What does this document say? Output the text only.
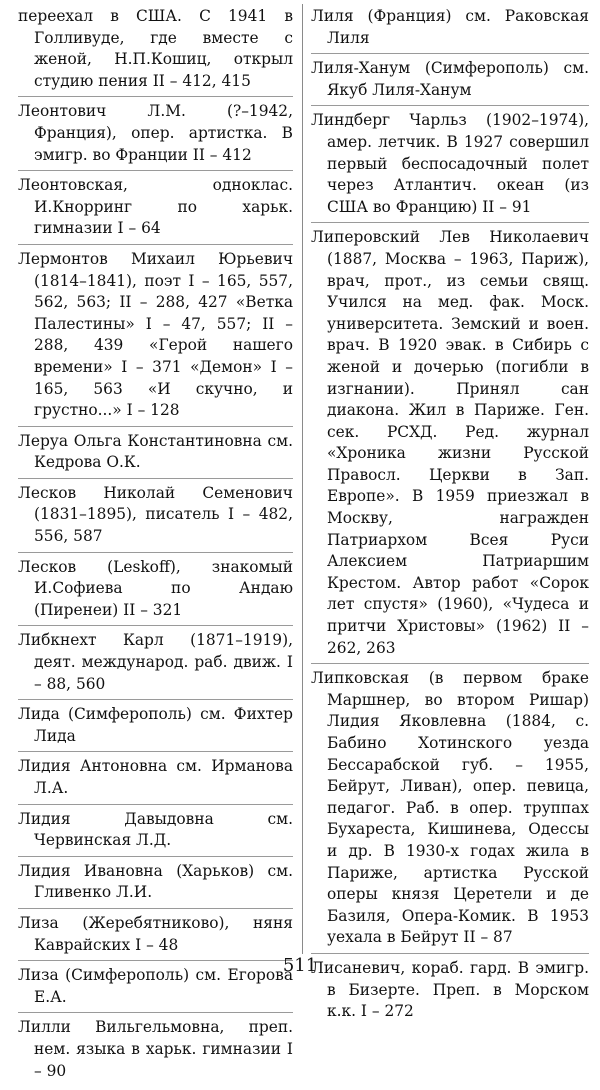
переехал в США. С 1941 в Голливуде, где вместе с женой, Н.П.Кошиц, открыл студию пения II – 412, 415

Леонтович Л.М. (?–1942, Франция), опер. артистка. В эмигр. во Франции II – 412

Леонтовская, одноклас. И.Кнорринг по харьк. гимназии I – 64

Лермонтов Михаил Юрьевич (1814–1841), поэт I – 165, 557, 562, 563; II – 288, 427 «Ветка Палестины» I – 47, 557; II – 288, 439 «Герой нашего времени» I – 371 «Демон» I – 165, 563 «И скучно, и грустно...» I – 128

Леруа Ольга Константиновна см. Кедрова О.К.

Лесков Николай Семенович (1831–1895), писатель I – 482, 556, 587

Лесков (Leskoff), знакомый И.Софиева по Андаю (Пиренеи) II – 321

Либкнехт Карл (1871–1919), деят. международ. раб. движ. I – 88, 560

Лида (Симферополь) см. Фихтер Лида

Лидия Антоновна см. Ирманова Л.А.

Лидия Давыдовна см. Червинская Л.Д.

Лидия Ивановна (Харьков) см. Гливенко Л.И.

Лиза (Жеребятниково), няня Каврайских I – 48

Лиза (Симферополь) см. Егорова Е.А.

Лилли Вильгельмовна, преп. нем. языка в харьк. гимназии I – 90

Лиля (Франция) см. Раковская Лиля

Лиля-Ханум (Симферополь) см. Якуб Лиля-Ханум

Линдберг Чарльз (1902–1974), амер. летчик. В 1927 совершил первый беспосадочный полет через Атлантич. океан (из США во Францию) II – 91

Липеровский Лев Николаевич (1887, Москва – 1963, Париж), врач, прот., из семьи свящ. Учился на мед. фак. Моск. университета. Земский и воен. врач. В 1920 эвак. в Сибирь с женой и дочерью (погибли в изгнании). Принял сан диакона. Жил в Париже. Ген. сек. РСХД. Ред. журнал «Хроника жизни Русской Правосл. Церкви в Зап. Европе». В 1959 приезжал в Москву, награжден Патриархом Всея Руси Алексием Патриаршим Крестом. Автор работ «Сорок лет спустя» (1960), «Чудеса и притчи Христовы» (1962) II – 262, 263

Липковская (в первом браке Маршнер, во втором Ришар) Лидия Яковлевна (1884, с. Бабино Хотинского уезда Бессарабской губ. – 1955, Бейрут, Ливан), опер. певица, педагог. Раб. в опер. труппах Бухареста, Кишинева, Одессы и др. В 1930-х годах жила в Париже, артистка Русской оперы князя Церетели и де Базиля, Опера-Комик. В 1953 уехала в Бейрут II – 87

Лисаневич, кораб. гард. В эмигр. в Бизерте. Преп. в Морском к.к. I – 272

511
